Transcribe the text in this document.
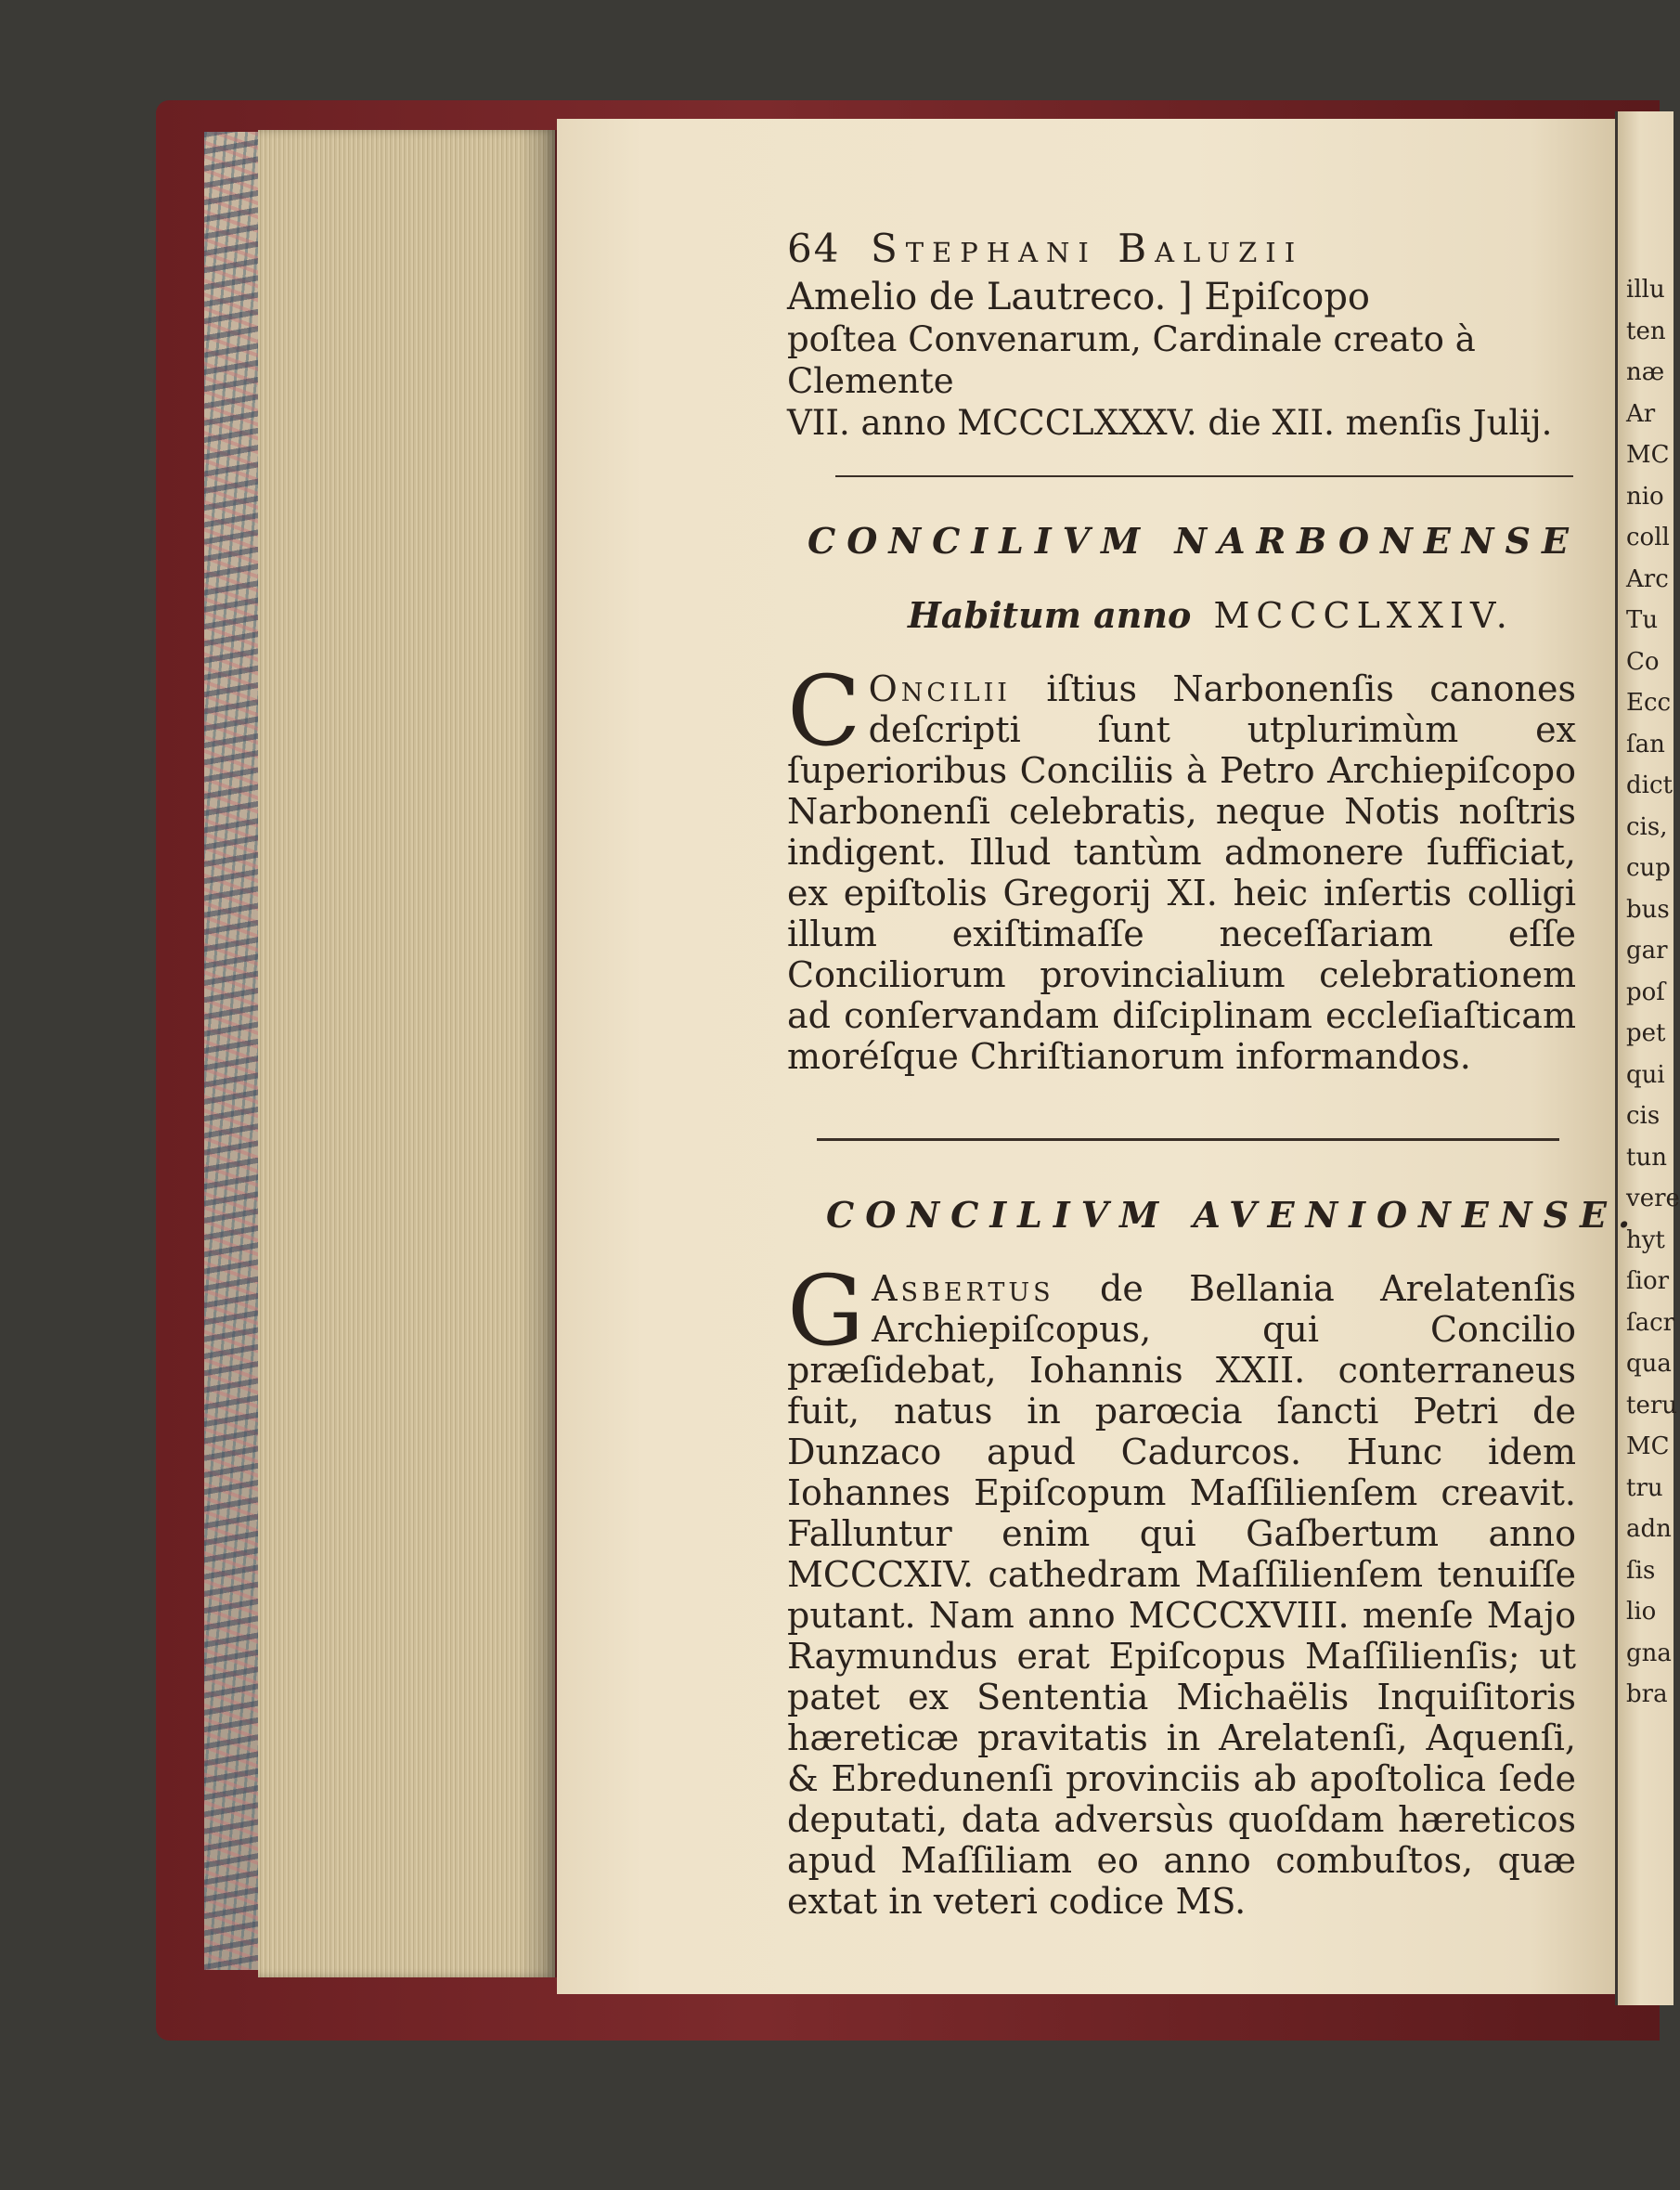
illu
ten
næ
Ar
MC
nio
coll
Arc
Tu
Co
Ecc
ſan
dict
cis,
cup
bus
gar
poſ
pet
qui
cis
tun
vere
hyt
ſior
ſacr
qua
teru
MC
tru
adn
ſis
lio
gna
bra
64 Stephani Baluzii
Amelio de Lautreco. ] Epiſcopo
poſtea Convenarum, Cardinale creato à Clemente
VII. anno MCCCLXXXV. die XII. menſis Julij.
CONCILIVM NARBONENSE
Habitum anno MCCCLXXIV.
C Oncilii iſtius Narbonenſis canones deſcripti ſunt utplurimùm ex ſuperioribus Conciliis à Petro Archiepiſcopo Narbonenſi celebratis, neque Notis noſtris indigent. Illud tantùm admonere ſufficiat, ex epiſtolis Gregorij XI. heic inſertis colligi illum exiſtimaſſe neceſſariam eſſe Conciliorum provincialium celebrationem ad conſervandam diſciplinam eccleſiaſticam moréſque Chriſtianorum informandos.

CONCILIVM AVENIONENSE.
G Asbertus de Bellania Arelatenſis Archiepiſcopus, qui Concilio præſidebat, Iohannis XXII. conterraneus fuit, natus in parœcia ſancti Petri de Dunzaco apud Cadurcos. Hunc idem Iohannes Epiſcopum Maſſilienſem creavit. Falluntur enim qui Gaſbertum anno MCCCXIV. cathedram Maſſilienſem tenuiſſe putant. Nam anno MCCCXVIII. menſe Majo Raymundus erat Epiſcopus Maſſilienſis; ut patet ex Sententia Michaëlis Inquiſitoris hæreticæ pravitatis in Arelatenſi, Aquenſi, & Ebredunenſi provinciis ab apoſtolica ſede deputati, data adversùs quoſdam hæreticos apud Maſſiliam eo anno combuſtos, quæ extat in veteri codice MS.
